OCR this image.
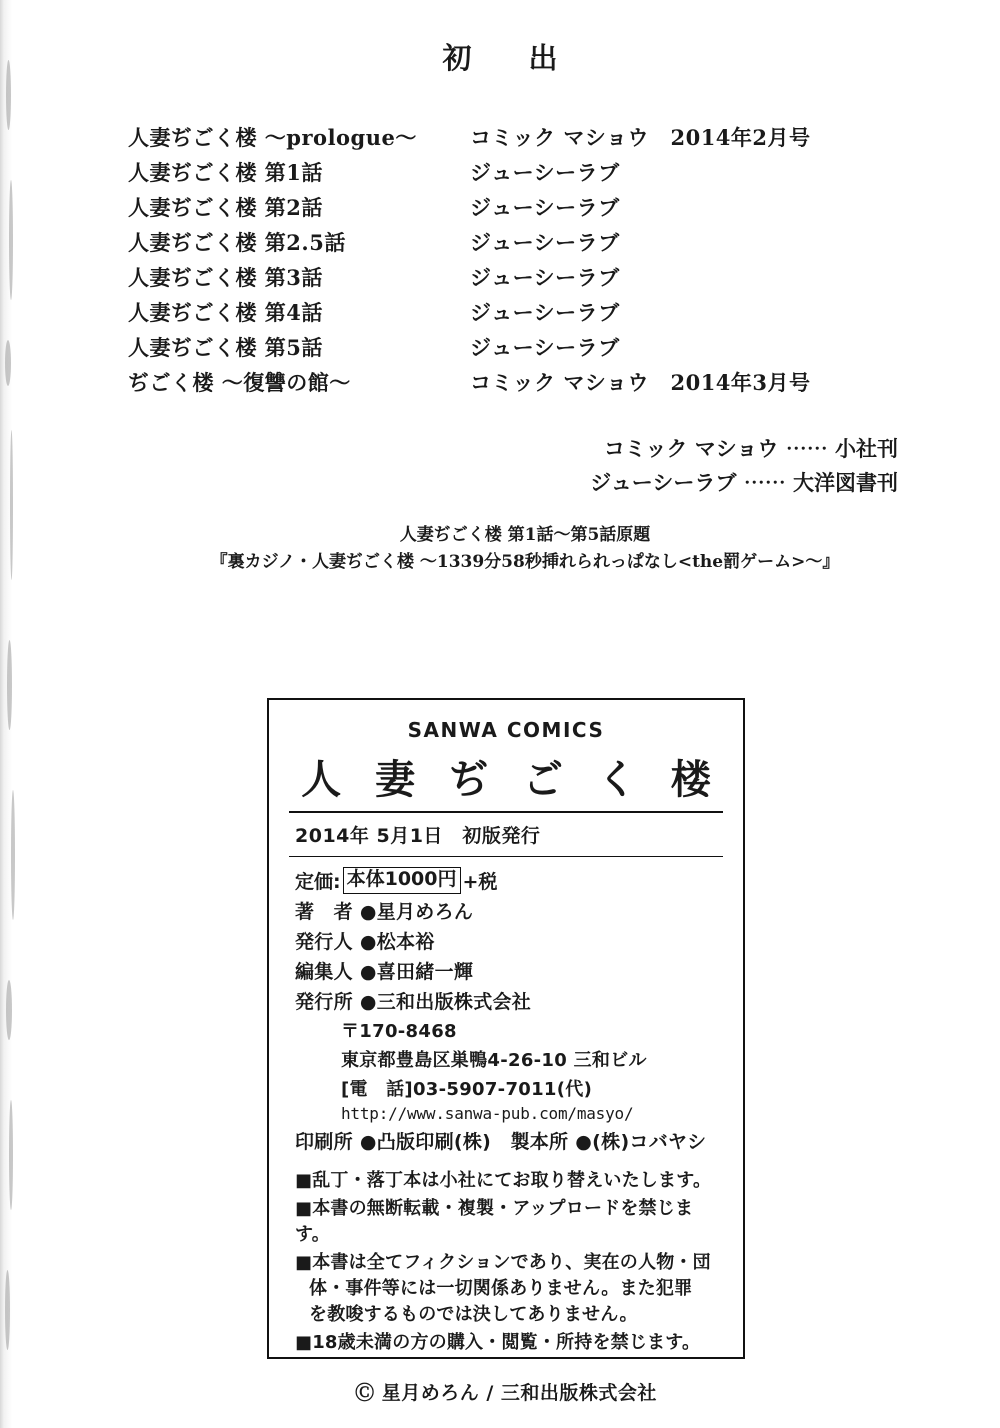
初　出
人妻ぢごく楼 〜prologue〜	コミック マショウ　2014年2月号
人妻ぢごく楼 第1話	ジューシーラブ
人妻ぢごく楼 第2話	ジューシーラブ
人妻ぢごく楼 第2.5話	ジューシーラブ
人妻ぢごく楼 第3話	ジューシーラブ
人妻ぢごく楼 第4話	ジューシーラブ
人妻ぢごく楼 第5話	ジューシーラブ
ぢごく楼 〜復讐の館〜	コミック マショウ　2014年3月号
コミック マショウ ⋯⋯ 小社刊
ジューシーラブ ⋯⋯ 大洋図書刊
人妻ぢごく楼 第1話〜第5話原題
『裏カジノ・人妻ぢごく楼 〜1339分58秒挿れられっぱなし<the罰ゲーム>〜』
SANWA COMICS
人 妻 ぢ ご く 楼
2014年 5月1日　初版発行
定価: 本体1000円 +税
著　者 ●星月めろん
発行人 ●松本裕
編集人 ●喜田緒一輝
発行所 ●三和出版株式会社
〒170-8468
東京都豊島区巣鴨4-26-10 三和ビル
[電　話]03-5907-7011(代)
http://www.sanwa-pub.com/masyo/
印刷所 ●凸版印刷(株)　製本所 ●(株)コバヤシ
■乱丁・落丁本は小社にてお取り替えいたします。
■本書の無断転載・複製・アップロードを禁じます。
■本書は全てフィクションであり、実在の人物・団
体・事件等には一切関係ありません。また犯罪
を教唆するものでは決してありません。
■18歳未満の方の購入・閲覧・所持を禁じます。
Ⓒ 星月めろん / 三和出版株式会社
